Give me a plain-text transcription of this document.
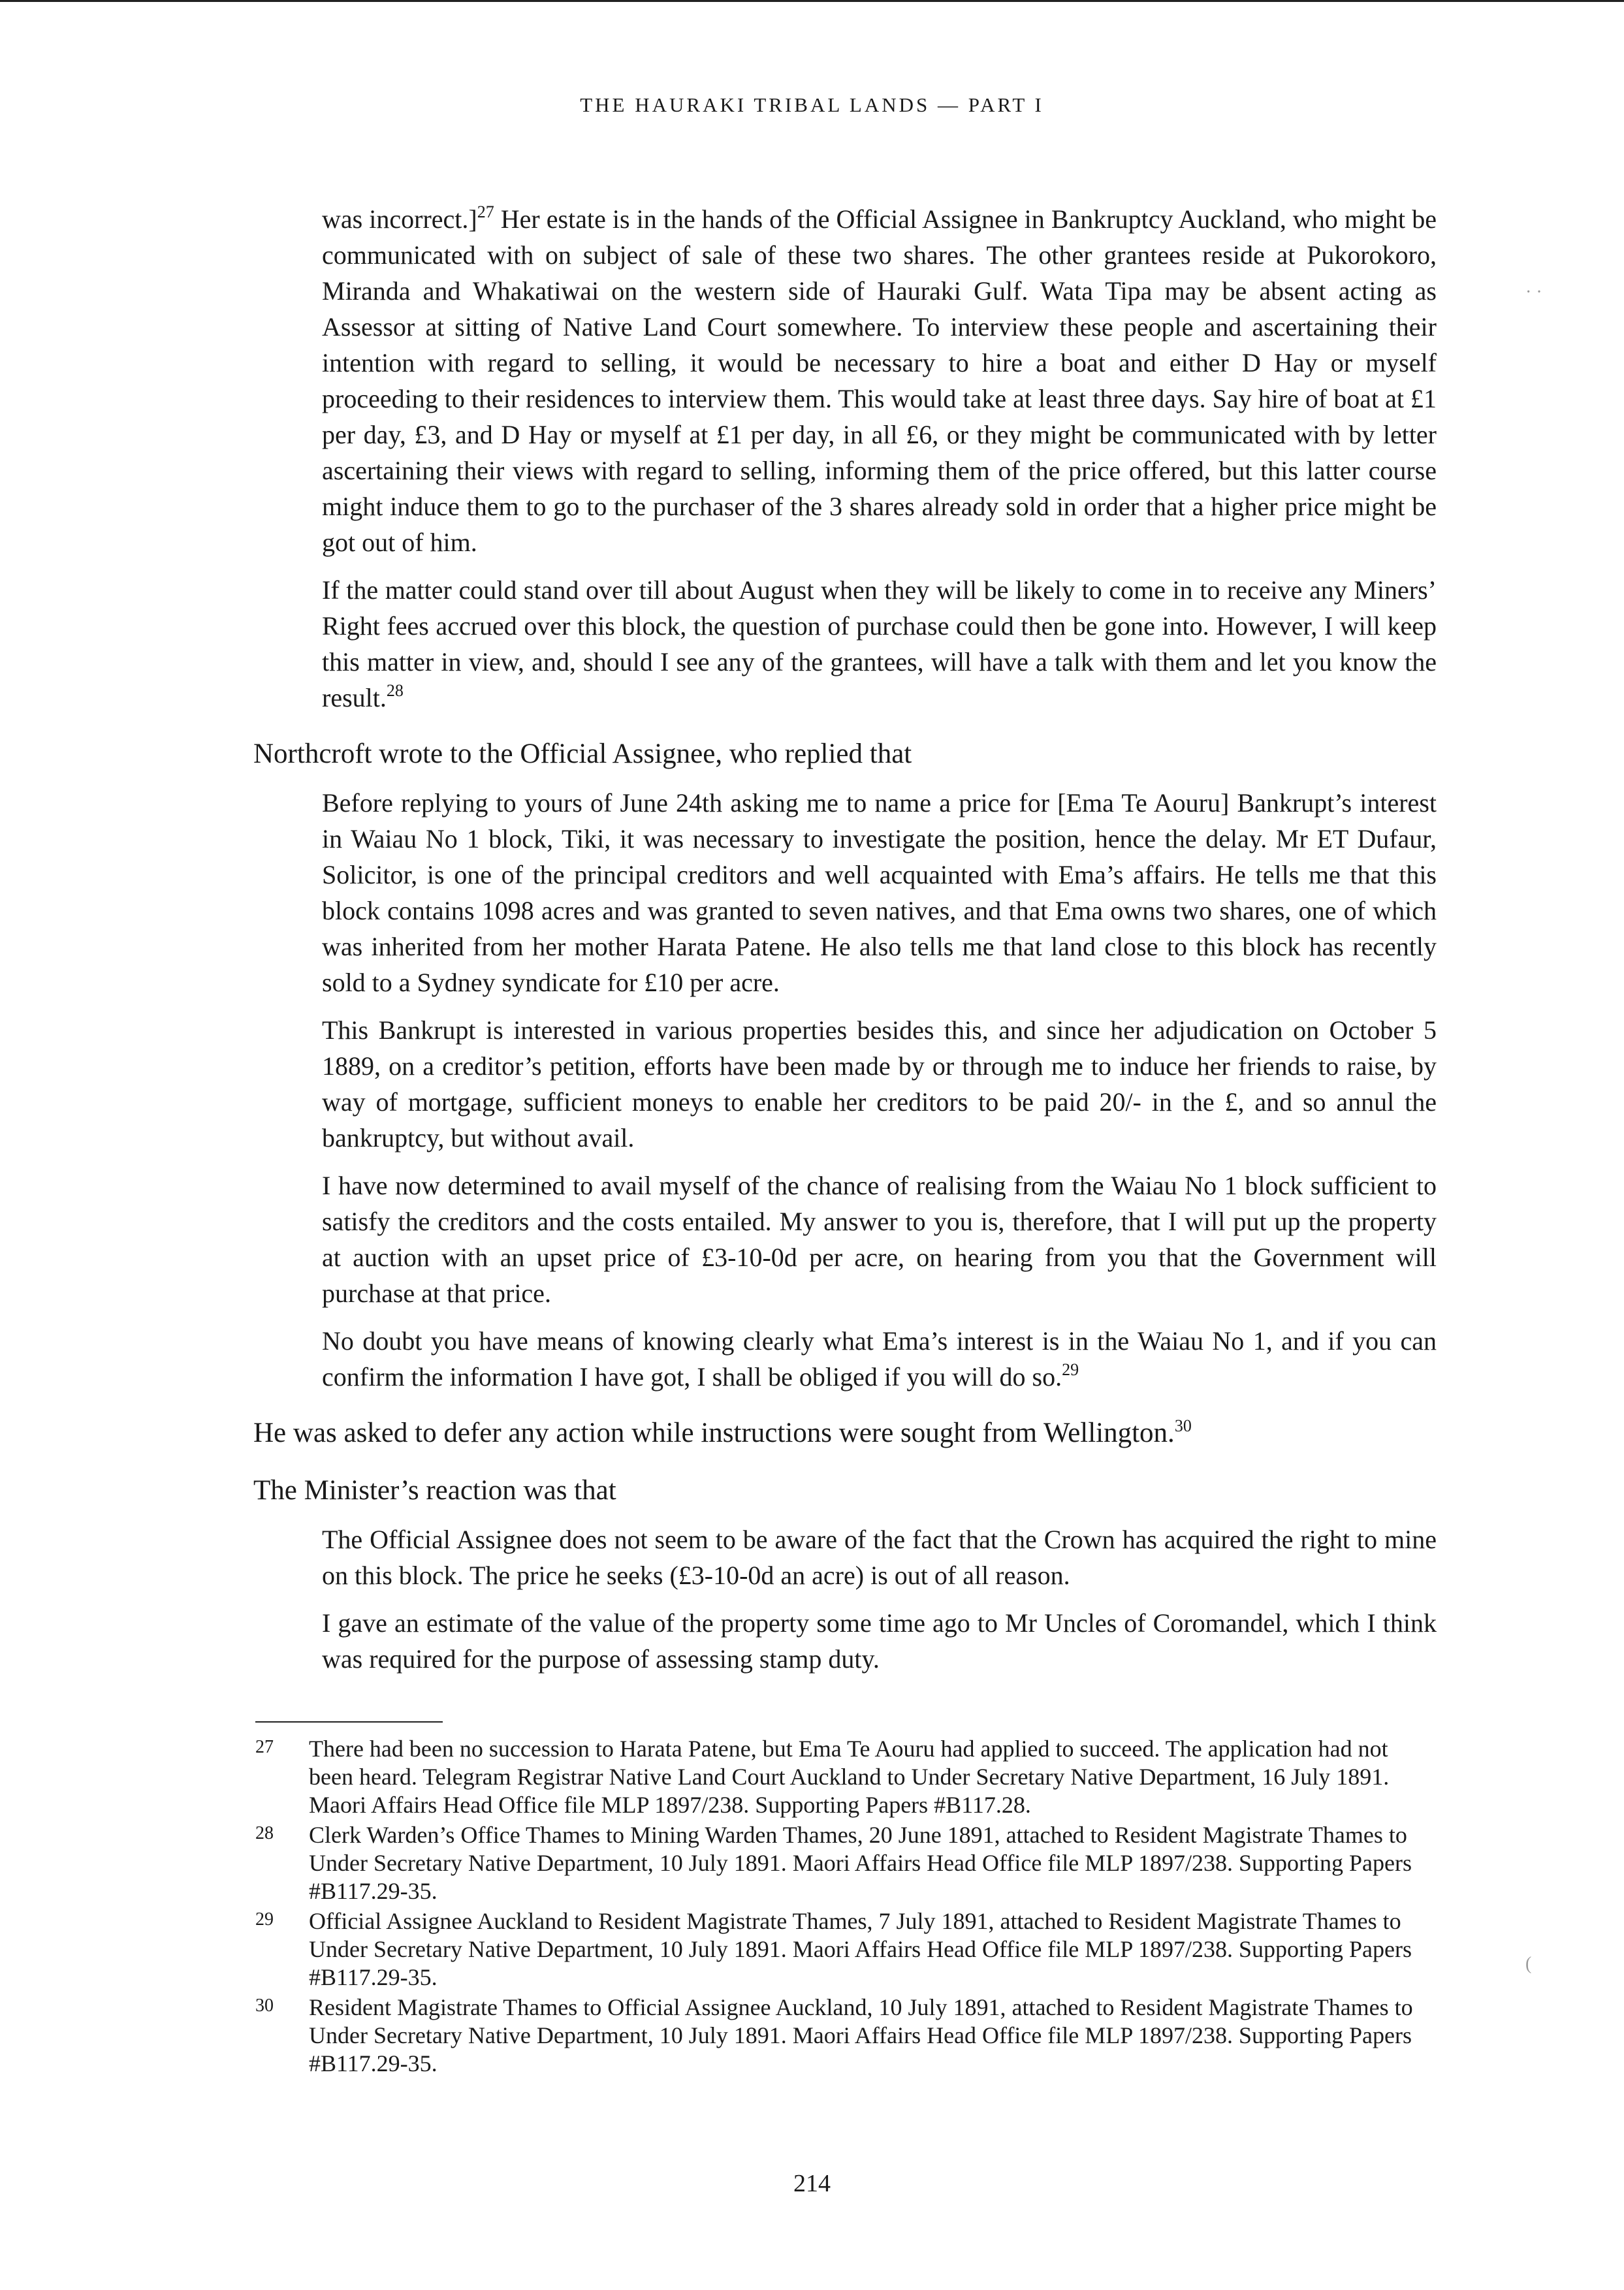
THE HAURAKI TRIBAL LANDS — PART I

was incorrect.]$^{27}$ Her estate is in the hands of the Official Assignee in Bankruptcy Auckland, who might be communicated with on subject of sale of these two shares. The other grantees reside at Pukorokoro, Miranda and Whakatiwai on the western side of Hauraki Gulf. Wata Tipa may be absent acting as Assessor at sitting of Native Land Court somewhere. To interview these people and ascertaining their intention with regard to selling, it would be necessary to hire a boat and either D Hay or myself proceeding to their residences to interview them. This would take at least three days. Say hire of boat at £1 per day, £3, and D Hay or myself at £1 per day, in all £6, or they might be communicated with by letter ascertaining their views with regard to selling, informing them of the price offered, but this latter course might induce them to go to the purchaser of the 3 shares already sold in order that a higher price might be got out of him.

If the matter could stand over till about August when they will be likely to come in to receive any Miners’ Right fees accrued over this block, the question of purchase could then be gone into. However, I will keep this matter in view, and, should I see any of the grantees, will have a talk with them and let you know the result.$^{28}$

Northcroft wrote to the Official Assignee, who replied that

Before replying to yours of June 24th asking me to name a price for [Ema Te Aouru] Bankrupt’s interest in Waiau No 1 block, Tiki, it was necessary to investigate the position, hence the delay. Mr ET Dufaur, Solicitor, is one of the principal creditors and well acquainted with Ema’s affairs. He tells me that this block contains 1098 acres and was granted to seven natives, and that Ema owns two shares, one of which was inherited from her mother Harata Patene. He also tells me that land close to this block has recently sold to a Sydney syndicate for £10 per acre.

This Bankrupt is interested in various properties besides this, and since her adjudication on October 5 1889, on a creditor’s petition, efforts have been made by or through me to induce her friends to raise, by way of mortgage, sufficient moneys to enable her creditors to be paid 20/- in the £, and so annul the bankruptcy, but without avail.

I have now determined to avail myself of the chance of realising from the Waiau No 1 block sufficient to satisfy the creditors and the costs entailed. My answer to you is, therefore, that I will put up the property at auction with an upset price of £3-10-0d per acre, on hearing from you that the Government will purchase at that price.

No doubt you have means of knowing clearly what Ema’s interest is in the Waiau No 1, and if you can confirm the information I have got, I shall be obliged if you will do so.$^{29}$

He was asked to defer any action while instructions were sought from Wellington.$^{30}$
The Minister’s reaction was that

The Official Assignee does not seem to be aware of the fact that the Crown has acquired the right to mine on this block. The price he seeks (£3-10-0d an acre) is out of all reason.

I gave an estimate of the value of the property some time ago to Mr Uncles of Coromandel, which I think was required for the purpose of assessing stamp duty.

27	There had been no succession to Harata Patene, but Ema Te Aouru had applied to succeed. The application had not been heard. Telegram Registrar Native Land Court Auckland to Under Secretary Native Department, 16 July 1891. Maori Affairs Head Office file MLP 1897/238. Supporting Papers #B117.28.
28	Clerk Warden’s Office Thames to Mining Warden Thames, 20 June 1891, attached to Resident Magistrate Thames to Under Secretary Native Department, 10 July 1891. Maori Affairs Head Office file MLP 1897/238. Supporting Papers #B117.29-35.
29	Official Assignee Auckland to Resident Magistrate Thames, 7 July 1891, attached to Resident Magistrate Thames to Under Secretary Native Department, 10 July 1891. Maori Affairs Head Office file MLP 1897/238. Supporting Papers #B117.29-35.
30	Resident Magistrate Thames to Official Assignee Auckland, 10 July 1891, attached to Resident Magistrate Thames to Under Secretary Native Department, 10 July 1891. Maori Affairs Head Office file MLP 1897/238. Supporting Papers #B117.29-35.
214
· ·
(
